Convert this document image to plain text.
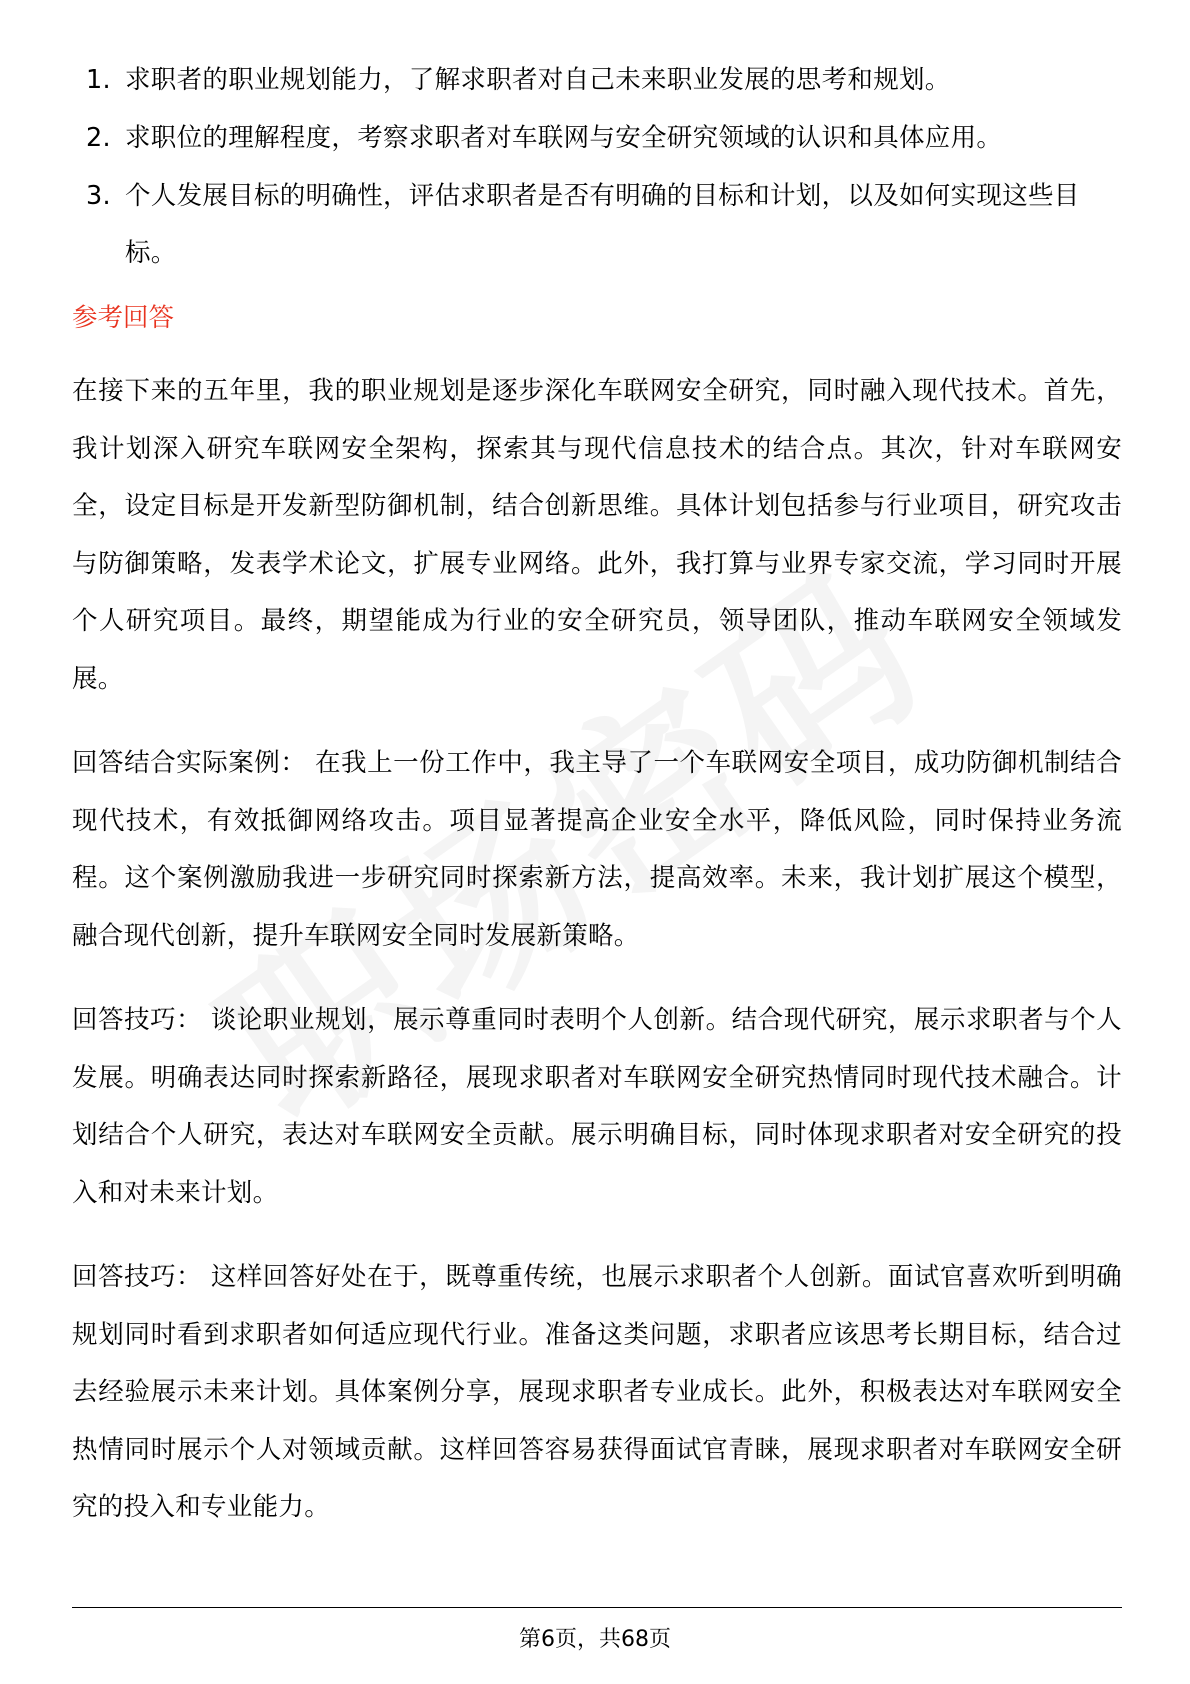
1. 求职者的职业规划能力，了解求职者对自己未来职业发展的思考和规划。
2. 求职位的理解程度，考察求职者对车联网与安全研究领域的认识和具体应用。
3. 个人发展目标的明确性，评估求职者是否有明确的目标和计划，以及如何实现这些目标。
参考回答

在接下来的五年里，我的职业规划是逐步深化车联网安全研究，同时融入现代技术。首先，我计划深入研究车联网安全架构，探索其与现代信息技术的结合点。其次，针对车联网安全，设定目标是开发新型防御机制，结合创新思维。具体计划包括参与行业项目，研究攻击与防御策略，发表学术论文，扩展专业网络。此外，我打算与业界专家交流，学习同时开展个人研究项目。最终，期望能成为行业的安全研究员，领导团队，推动车联网安全领域发展。

回答结合实际案例： 在我上一份工作中，我主导了一个车联网安全项目，成功防御机制结合现代技术，有效抵御网络攻击。项目显著提高企业安全水平，降低风险，同时保持业务流程。这个案例激励我进一步研究同时探索新方法，提高效率。未来，我计划扩展这个模型，融合现代创新，提升车联网安全同时发展新策略。

回答技巧： 谈论职业规划，展示尊重同时表明个人创新。结合现代研究，展示求职者与个人发展。明确表达同时探索新路径，展现求职者对车联网安全研究热情同时现代技术融合。计划结合个人研究，表达对车联网安全贡献。展示明确目标，同时体现求职者对安全研究的投入和对未来计划。

回答技巧： 这样回答好处在于，既尊重传统，也展示求职者个人创新。面试官喜欢听到明确规划同时看到求职者如何适应现代行业。准备这类问题，求职者应该思考长期目标，结合过去经验展示未来计划。具体案例分享，展现求职者专业成长。此外，积极表达对车联网安全热情同时展示个人对领域贡献。这样回答容易获得面试官青睐，展现求职者对车联网安全研究的投入和专业能力。

第6页，共68页
